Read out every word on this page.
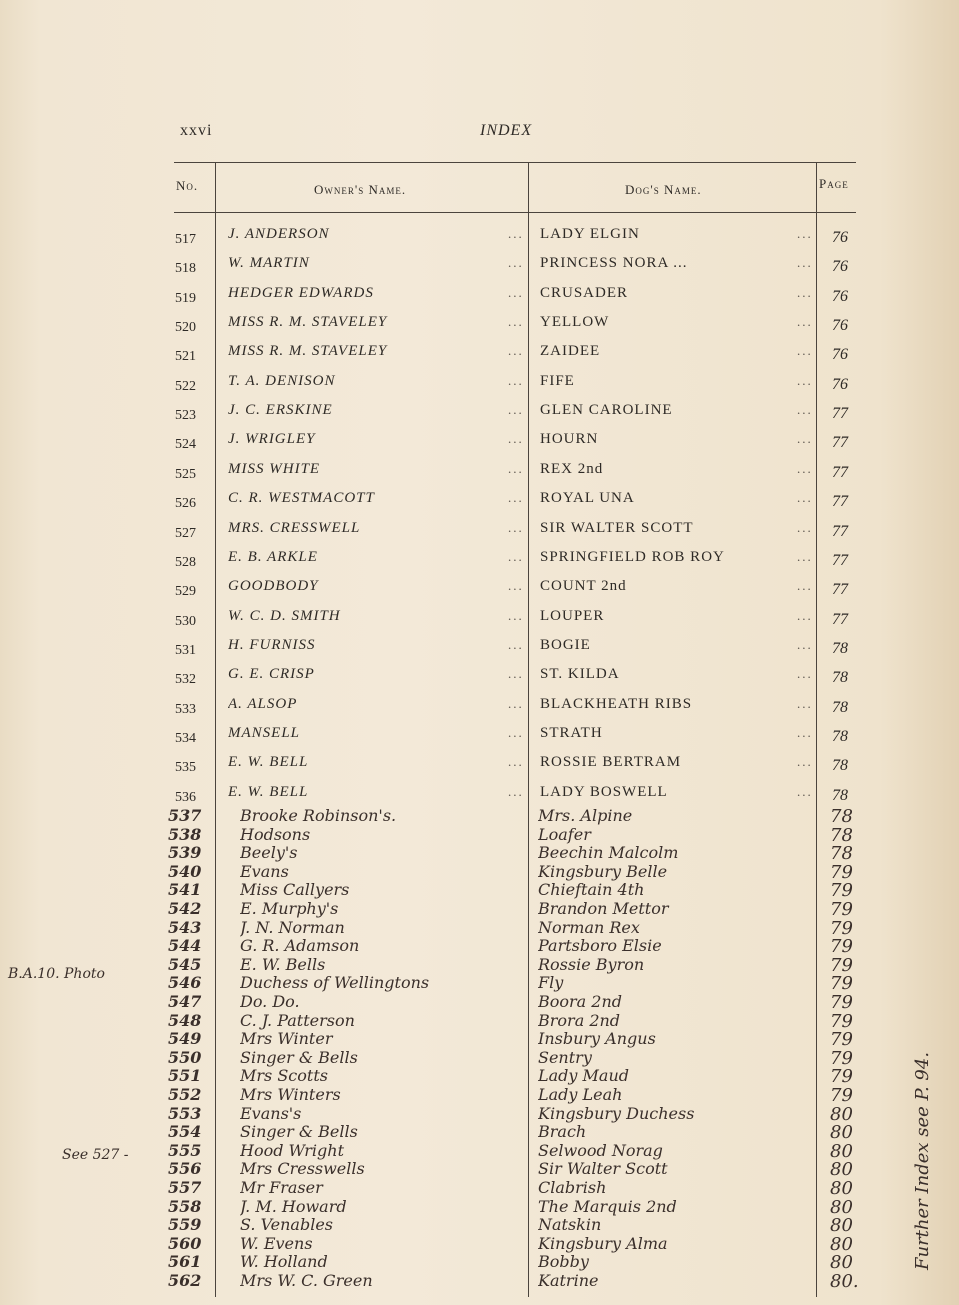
xxvi	INDEX
No.	Owner's Name.	Dog's Name.	Page
517	J. ANDERSON	... LADY ELGIN	... 76
518	W. MARTIN	... PRINCESS NORA ...	... 76
519	HEDGER EDWARDS	... CRUSADER	... 76
520	MISS R. M. STAVELEY	... YELLOW	... 76
521	MISS R. M. STAVELEY	... ZAIDEE	... 76
522	T. A. DENISON	... FIFE	... 76
523	J. C. ERSKINE	... GLEN CAROLINE	... 77
524	J. WRIGLEY	... HOURN	... 77
525	MISS WHITE	... REX 2nd	... 77
526	C. R. WESTMACOTT	... ROYAL UNA	... 77
527	MRS. CRESSWELL	... SIR WALTER SCOTT	... 77
528	E. B. ARKLE	... SPRINGFIELD ROB ROY	... 77
529	GOODBODY	... COUNT 2nd	... 77
530	W. C. D. SMITH	... LOUPER	... 77
531	H. FURNISS	... BOGIE	... 78
532	G. E. CRISP	... ST. KILDA	... 78
533	A. ALSOP	... BLACKHEATH RIBS	... 78
534	MANSELL	... STRATH	... 78
535	E. W. BELL	... ROSSIE BERTRAM	... 78
536	E. W. BELL	... LADY BOSWELL	... 78
537	Brooke Robinson's.	Mrs. Alpine	78
538	Hodsons	Loafer	78
539	Beely's	Beechin Malcolm	78
540	Evans	Kingsbury Belle	79
541	Miss Callyers	Chieftain 4th	79
542	E. Murphy's	Brandon Mettor	79
543	J. N. Norman	Norman Rex	79
544	G. R. Adamson	Partsboro Elsie	79
545	E. W. Bells	Rossie Byron	79
546	Duchess of Wellingtons	Fly	79
547	Do. Do.	Boora 2nd	79
548	C. J. Patterson	Brora 2nd	79
549	Mrs Winter	Insbury Angus	79
550	Singer & Bells	Sentry	79
551	Mrs Scotts	Lady Maud	79
552	Mrs Winters	Lady Leah	79
553	Evans's	Kingsbury Duchess	80
554	Singer & Bells	Brach	80
555	Hood Wright	Selwood Norag	80
556	Mrs Cresswells	Sir Walter Scott	80
557	Mr Fraser	Clabrish	80
558	J. M. Howard	The Marquis 2nd	80
559	S. Venables	Natskin	80
560	W. Evens	Kingsbury Alma	80
561	W. Holland	Bobby	80
562	Mrs W. C. Green	Katrine	80.
B.A.10. Photo
See 527 -	Further Index see P. 94.
